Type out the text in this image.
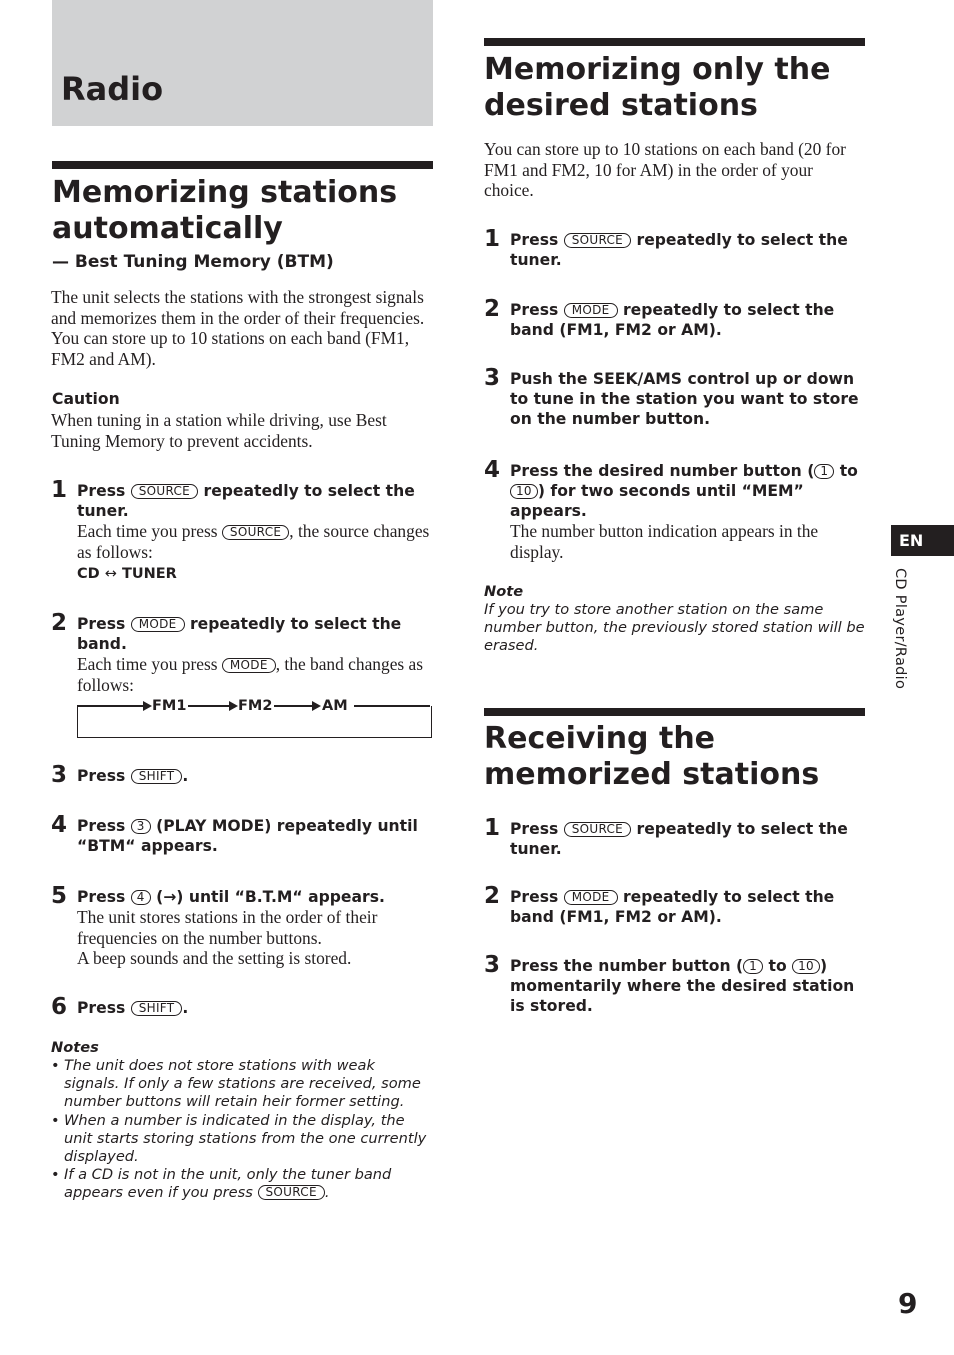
Radio
Memorizing stations automatically

— Best Tuning Memory (BTM)

The unit selects the stations with the strongest signals and memorizes them in the order of their frequencies. You can store up to 10 stations on each band (FM1, FM2 and AM).

Caution

When tuning in a station while driving, use Best Tuning Memory to prevent accidents.

1 Press SOURCE repeatedly to select the tuner.
Each time you press SOURCE , the source changes as follows:
CD ↔ TUNER
2 Press MODE repeatedly to select the band.
Each time you press MODE , the band changes as follows:
FM1	FM2	AM
3 Press SHIFT .
4 Press 3 (PLAY MODE) repeatedly until “BTM“ appears.
5 Press 4 (→) until “B.T.M“ appears.
The unit stores stations in the order of their frequencies on the number buttons.
A beep sounds and the setting is stored.
6 Press SHIFT .

Notes

• The unit does not store stations with weak signals. If only a few stations are received, some number buttons will retain heir former setting.
• When a number is indicated in the display, the unit starts storing stations from the one currently displayed.
• If a CD is not in the unit, only the tuner band appears even if you press SOURCE .
Memorizing only the desired stations

You can store up to 10 stations on each band (20 for FM1 and FM2, 10 for AM) in the order of your choice.

1 Press SOURCE repeatedly to select the tuner.
2 Press MODE repeatedly to select the band (FM1, FM2 or AM).
3 Push the SEEK/AMS control up or down to tune in the station you want to store on the number button.
4 Press the desired number button ( 1 to 10 ) for two seconds until “MEM” appears.
The number button indication appears in the display.

Note

If you try to store another station on the same number button, the previously stored station will be erased.

Receiving the memorized stations
1 Press SOURCE repeatedly to select the tuner.
2 Press MODE repeatedly to select the band (FM1, FM2 or AM).
3 Press the number button ( 1 to 10 ) momentarily where the desired station is stored.
EN
CD Player/Radio
9
